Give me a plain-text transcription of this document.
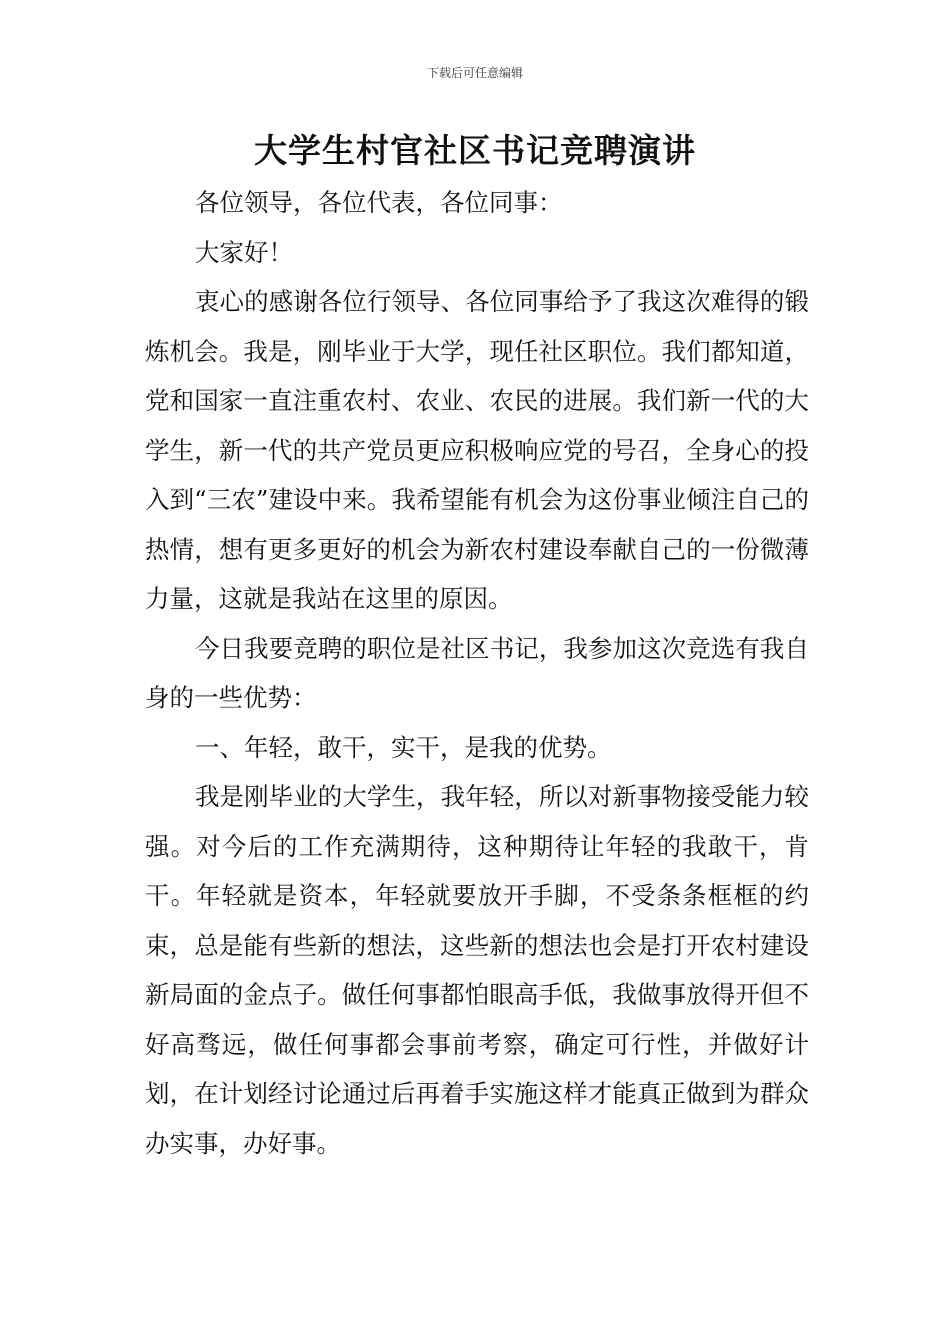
下载后可任意编辑
大学生村官社区书记竞聘演讲

各位领导，各位代表，各位同事：

大家好！

衷心的感谢各位行领导、各位同事给予了我这次难得的锻炼机会。我是，刚毕业于大学，现任社区职位。我们都知道，党和国家一直注重农村、农业、农民的进展。我们新一代的大学生，新一代的共产党员更应积极响应党的号召，全身心的投入到“三农”建设中来。我希望能有机会为这份事业倾注自己的热情，想有更多更好的机会为新农村建设奉献自己的一份微薄力量，这就是我站在这里的原因。

今日我要竞聘的职位是社区书记，我参加这次竞选有我自身的一些优势：

一、年轻，敢干，实干，是我的优势。

我是刚毕业的大学生，我年轻，所以对新事物接受能力较强。对今后的工作充满期待，这种期待让年轻的我敢干，肯干。年轻就是资本，年轻就要放开手脚，不受条条框框的约束，总是能有些新的想法，这些新的想法也会是打开农村建设新局面的金点子。做任何事都怕眼高手低，我做事放得开但不好高骛远，做任何事都会事前考察，确定可行性，并做好计划，在计划经讨论通过后再着手实施这样才能真正做到为群众办实事，办好事。
